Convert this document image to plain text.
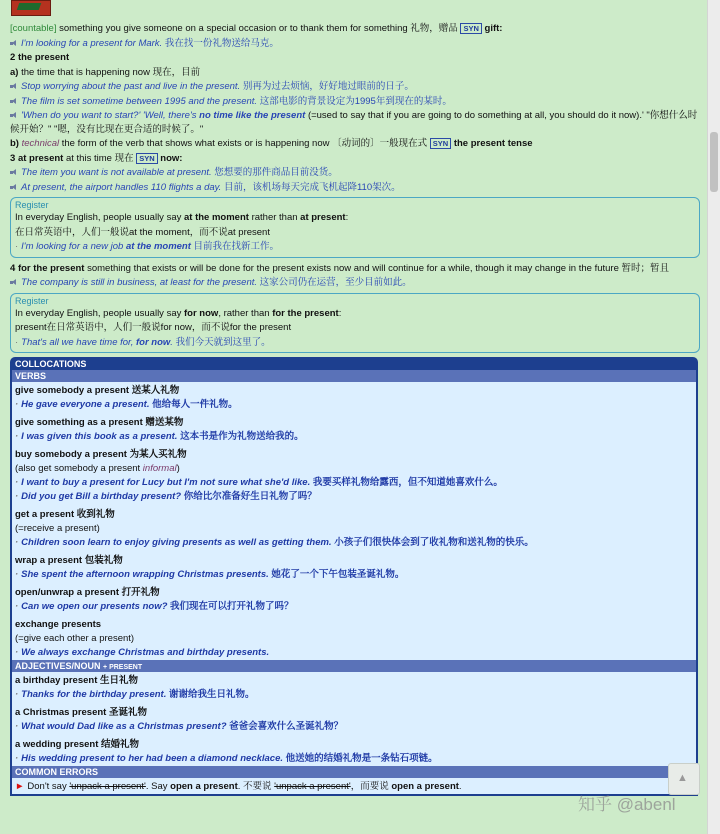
[countable] something you give someone on a special occasion or to thank them for something 礼物，赠品 SYN gift:

I'm looking for a present for Mark. 我在找一份礼物送给马克。

2 the present

a) the time that is happening now 现在，目前

Stop worrying about the past and live in the present. 别再为过去烦恼，好好地过眼前的日子。

The film is set sometime between 1995 and the present. 这部电影的背景设定为1995年到现在的某时。

'When do you want to start?' 'Well, there's no time like the present (=used to say that if you are going to do something at all, you should do it now).' "你想什么时候开始？" "嗯，没有比现在更合适的时候了。"

b) technical the form of the verb that shows what exists or is happening now 〔动词的〕一般现在式 SYN the present tense

3 at present at this time 现在 SYN now:

The item you want is not available at present. 您想要的那件商品目前没货。

At present, the airport handles 110 flights a day. 目前，该机场每天完成飞机起降110架次。

Register

In everyday English, people usually say at the moment rather than at present:

在日常英语中，人们一般说at the moment，而不说at present

· I'm looking for a new job at the moment 目前我在找新工作。

4 for the present something that exists or will be done for the present exists now and will continue for a while, though it may change in the future 暂时；暂且

The company is still in business, at least for the present. 这家公司仍在运营，至少目前如此。

Register

In everyday English, people usually say for now, rather than for the present:

present在日常英语中，人们一般说for now，而不说for the present

· That's all we have time for, for now. 我们今天就到这里了。

COLLOCATIONS
VERBS

give somebody a present 送某人礼物

· He gave everyone a present. 他给每人一件礼物。

give something as a present 赠送某物

· I was given this book as a present. 这本书是作为礼物送给我的。

buy somebody a present 为某人买礼物

(also get somebody a present informal)

· I want to buy a present for Lucy but I'm not sure what she'd like. 我要买样礼物给露西，但不知道她喜欢什么。

· Did you get Bill a birthday present? 你给比尔准备好生日礼物了吗？

get a present 收到礼物

(=receive a present)

· Children soon learn to enjoy giving presents as well as getting them. 小孩子们很快体会到了收礼物和送礼物的快乐。

wrap a present 包装礼物

· She spent the afternoon wrapping Christmas presents. 她花了一个下午包装圣诞礼物。

open/unwrap a present 打开礼物

· Can we open our presents now? 我们现在可以打开礼物了吗？

exchange presents

(=give each other a present)

· We always exchange Christmas and birthday presents.

ADJECTIVES/NOUN + PRESENT

a birthday present 生日礼物

· Thanks for the birthday present. 谢谢给我生日礼物。

a Christmas present 圣诞礼物

· What would Dad like as a Christmas present? 爸爸会喜欢什么圣诞礼物？

a wedding present 结婚礼物

· His wedding present to her had been a diamond necklace. 他送她的结婚礼物是一条钻石项链。

COMMON ERRORS

► Don't say 'unpack a present'. Say open a present. 不要说 'unpack a present'，而要说 open a present.

▲
知乎 @abenl
